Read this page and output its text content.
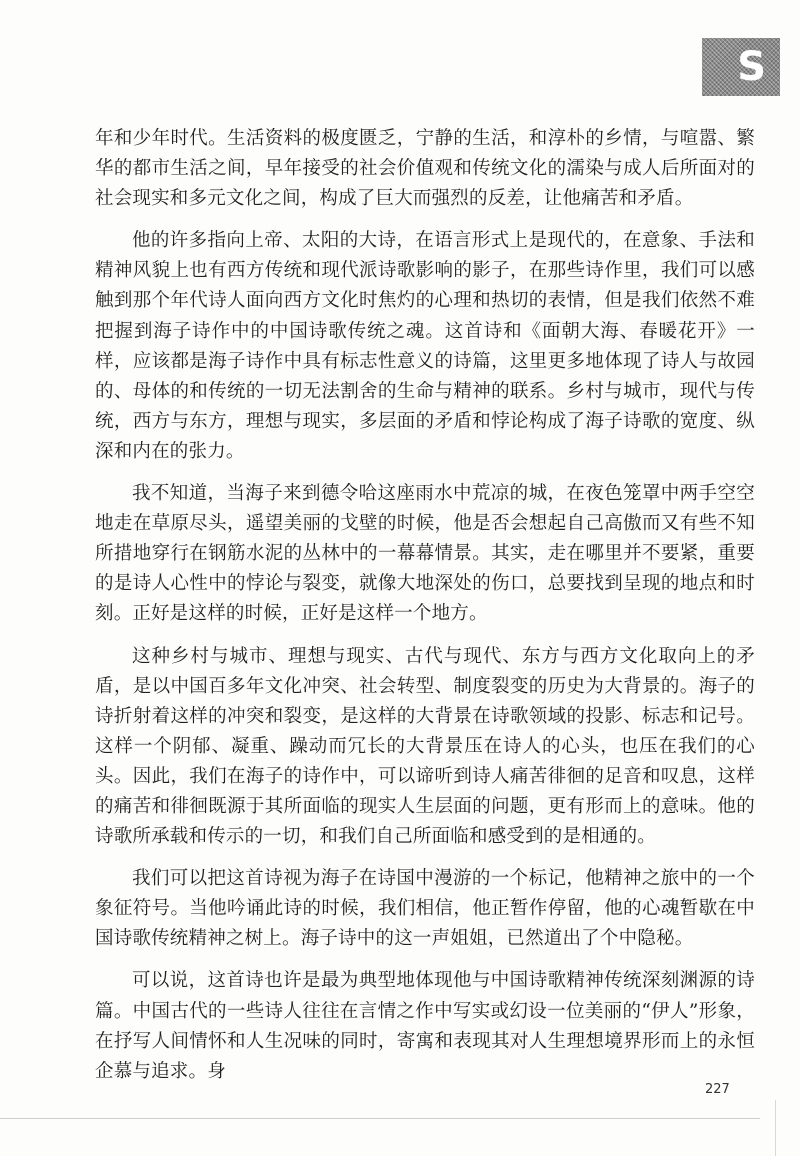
S

年和少年时代。生活资料的极度匮乏，宁静的生活，和淳朴的乡情，与喧嚣、繁华的都市生活之间，早年接受的社会价值观和传统文化的濡染与成人后所面对的社会现实和多元文化之间，构成了巨大而强烈的反差，让他痛苦和矛盾。

他的许多指向上帝、太阳的大诗，在语言形式上是现代的，在意象、手法和精神风貌上也有西方传统和现代派诗歌影响的影子，在那些诗作里，我们可以感触到那个年代诗人面向西方文化时焦灼的心理和热切的表情，但是我们依然不难把握到海子诗作中的中国诗歌传统之魂。这首诗和《面朝大海、春暖花开》一样，应该都是海子诗作中具有标志性意义的诗篇，这里更多地体现了诗人与故园的、母体的和传统的一切无法割舍的生命与精神的联系。乡村与城市，现代与传统，西方与东方，理想与现实，多层面的矛盾和悖论构成了海子诗歌的宽度、纵深和内在的张力。

我不知道，当海子来到德令哈这座雨水中荒凉的城，在夜色笼罩中两手空空地走在草原尽头，遥望美丽的戈壁的时候，他是否会想起自己高傲而又有些不知所措地穿行在钢筋水泥的丛林中的一幕幕情景。其实，走在哪里并不要紧，重要的是诗人心性中的悖论与裂变，就像大地深处的伤口，总要找到呈现的地点和时刻。正好是这样的时候，正好是这样一个地方。

这种乡村与城市、理想与现实、古代与现代、东方与西方文化取向上的矛盾，是以中国百多年文化冲突、社会转型、制度裂变的历史为大背景的。海子的诗折射着这样的冲突和裂变，是这样的大背景在诗歌领域的投影、标志和记号。这样一个阴郁、凝重、躁动而冗长的大背景压在诗人的心头，也压在我们的心头。因此，我们在海子的诗作中，可以谛听到诗人痛苦徘徊的足音和叹息，这样的痛苦和徘徊既源于其所面临的现实人生层面的问题，更有形而上的意味。他的诗歌所承载和传示的一切，和我们自己所面临和感受到的是相通的。

我们可以把这首诗视为海子在诗国中漫游的一个标记，他精神之旅中的一个象征符号。当他吟诵此诗的时候，我们相信，他正暂作停留，他的心魂暂歇在中国诗歌传统精神之树上。海子诗中的这一声姐姐，已然道出了个中隐秘。

可以说，这首诗也许是最为典型地体现他与中国诗歌精神传统深刻渊源的诗篇。中国古代的一些诗人往往在言情之作中写实或幻设一位美丽的“伊人”形象，在抒写人间情怀和人生况味的同时，寄寓和表现其对人生理想境界形而上的永恒企慕与追求。身

227
